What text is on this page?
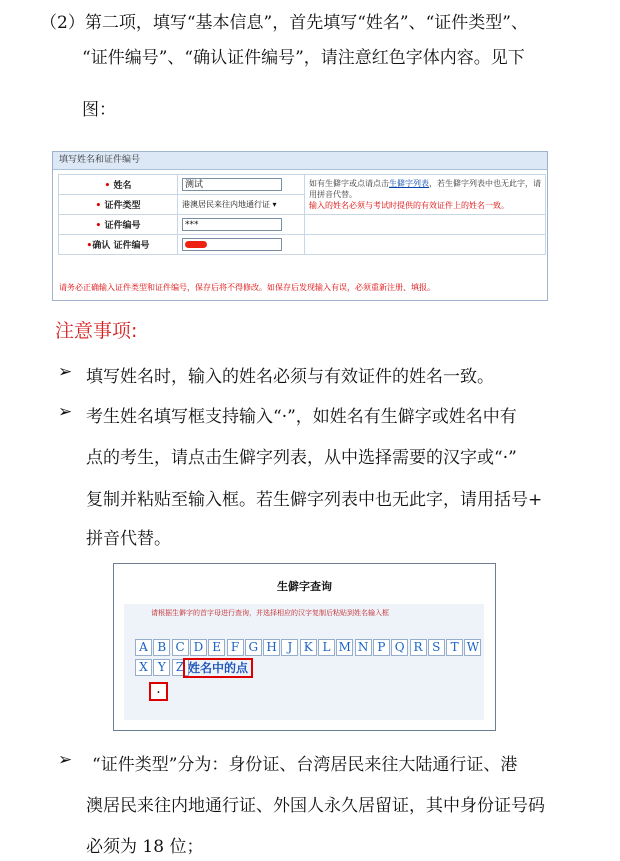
（2）第二项，填写“基本信息”，首先填写“姓名”、“证件类型”、
“证件编号”、“确认证件编号”，请注意红色字体内容。见下
图：
填写姓名和证件编号
• 姓名	测试	如有生僻字或点请点击生僻字列表，若生僻字列表中也无此字，请用拼音代替。
输入的姓名必须与考试时提供的有效证件上的姓名一致。
• 证件类型	港澳居民来往内地通行证 ▾	
• 证件编号	***	
•确认 证件编号		
请务必正确输入证件类型和证件编号，保存后将不得修改。如保存后发现输入有误，必须重新注册、填报。
注意事项:
➢ 填写姓名时，输入的姓名必须与有效证件的姓名一致。
➢ 考生姓名填写框支持输入“·”，如姓名有生僻字或姓名中有
点的考生，请点击生僻字列表，从中选择需要的汉字或“·”
复制并粘贴至输入框。若生僻字列表中也无此字，请用括号+
拼音代替。
生僻字查询
请根据生僻字的首字母进行查询，并选择相应的汉字复制后粘贴到姓名输入框
A B C D E F G H J K L M N P Q R S T W
X Y Z 姓名中的点
.
➢ “证件类型”分为：身份证、台湾居民来往大陆通行证、港
澳居民来往内地通行证、外国人永久居留证，其中身份证号码
必须为 18 位；
